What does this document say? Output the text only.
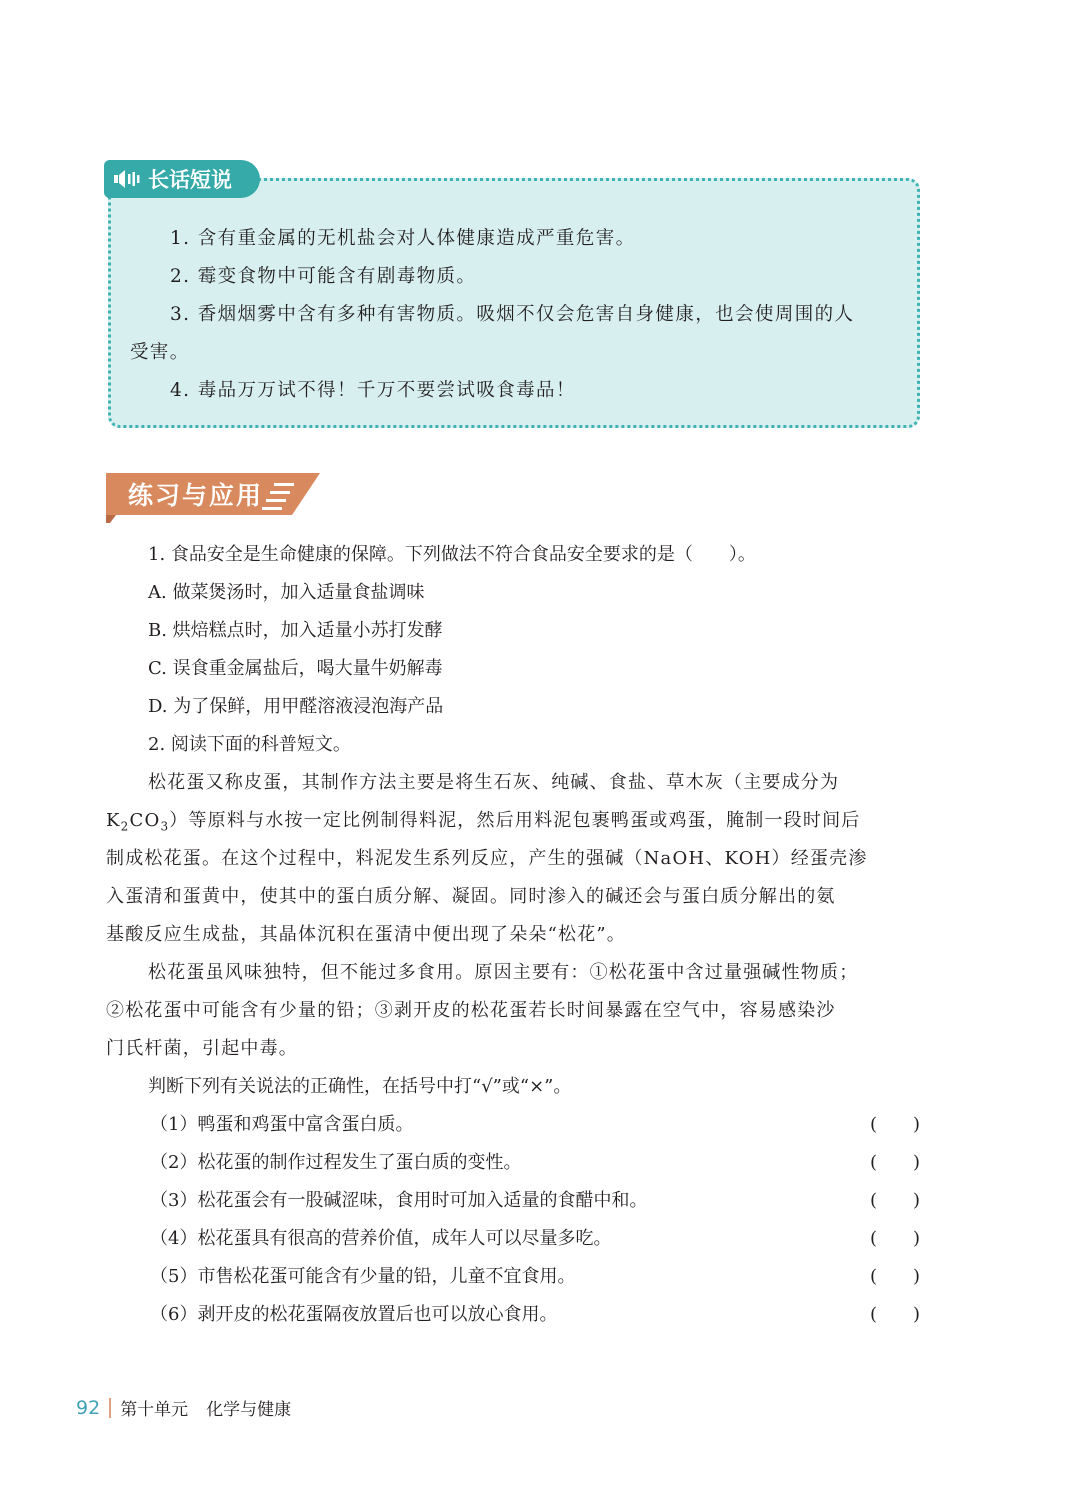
长话短说

1. 含有重金属的无机盐会对人体健康造成严重危害。

2. 霉变食物中可能含有剧毒物质。

3. 香烟烟雾中含有多种有害物质。吸烟不仅会危害自身健康，也会使周围的人

受害。

4. 毒品万万试不得！千万不要尝试吸食毒品！

练习与应用
1. 食品安全是生命健康的保障。下列做法不符合食品安全要求的是（　　）。
A. 做菜煲汤时，加入适量食盐调味
B. 烘焙糕点时，加入适量小苏打发酵
C. 误食重金属盐后，喝大量牛奶解毒
D. 为了保鲜，用甲醛溶液浸泡海产品
2. 阅读下面的科普短文。
松花蛋又称皮蛋，其制作方法主要是将生石灰、纯碱、食盐、草木灰（主要成分为
$K_2CO_3$）等原料与水按一定比例制得料泥，然后用料泥包裹鸭蛋或鸡蛋，腌制一段时间后
制成松花蛋。在这个过程中，料泥发生系列反应，产生的强碱（NaOH、KOH）经蛋壳渗
入蛋清和蛋黄中，使其中的蛋白质分解、凝固。同时渗入的碱还会与蛋白质分解出的氨
基酸反应生成盐，其晶体沉积在蛋清中便出现了朵朵“松花”。
松花蛋虽风味独特，但不能过多食用。原因主要有：①松花蛋中含过量强碱性物质；
②松花蛋中可能含有少量的铅；③剥开皮的松花蛋若长时间暴露在空气中，容易感染沙
门氏杆菌，引起中毒。
判断下列有关说法的正确性，在括号中打“√”或“×”。
（1）鸭蛋和鸡蛋中富含蛋白质。	(　　)
（2）松花蛋的制作过程发生了蛋白质的变性。	(　　)
（3）松花蛋会有一股碱涩味，食用时可加入适量的食醋中和。	(　　)
（4）松花蛋具有很高的营养价值，成年人可以尽量多吃。	(　　)
（5）市售松花蛋可能含有少量的铅，儿童不宜食用。	(　　)
（6）剥开皮的松花蛋隔夜放置后也可以放心食用。	(　　)
92 第十单元 化学与健康
